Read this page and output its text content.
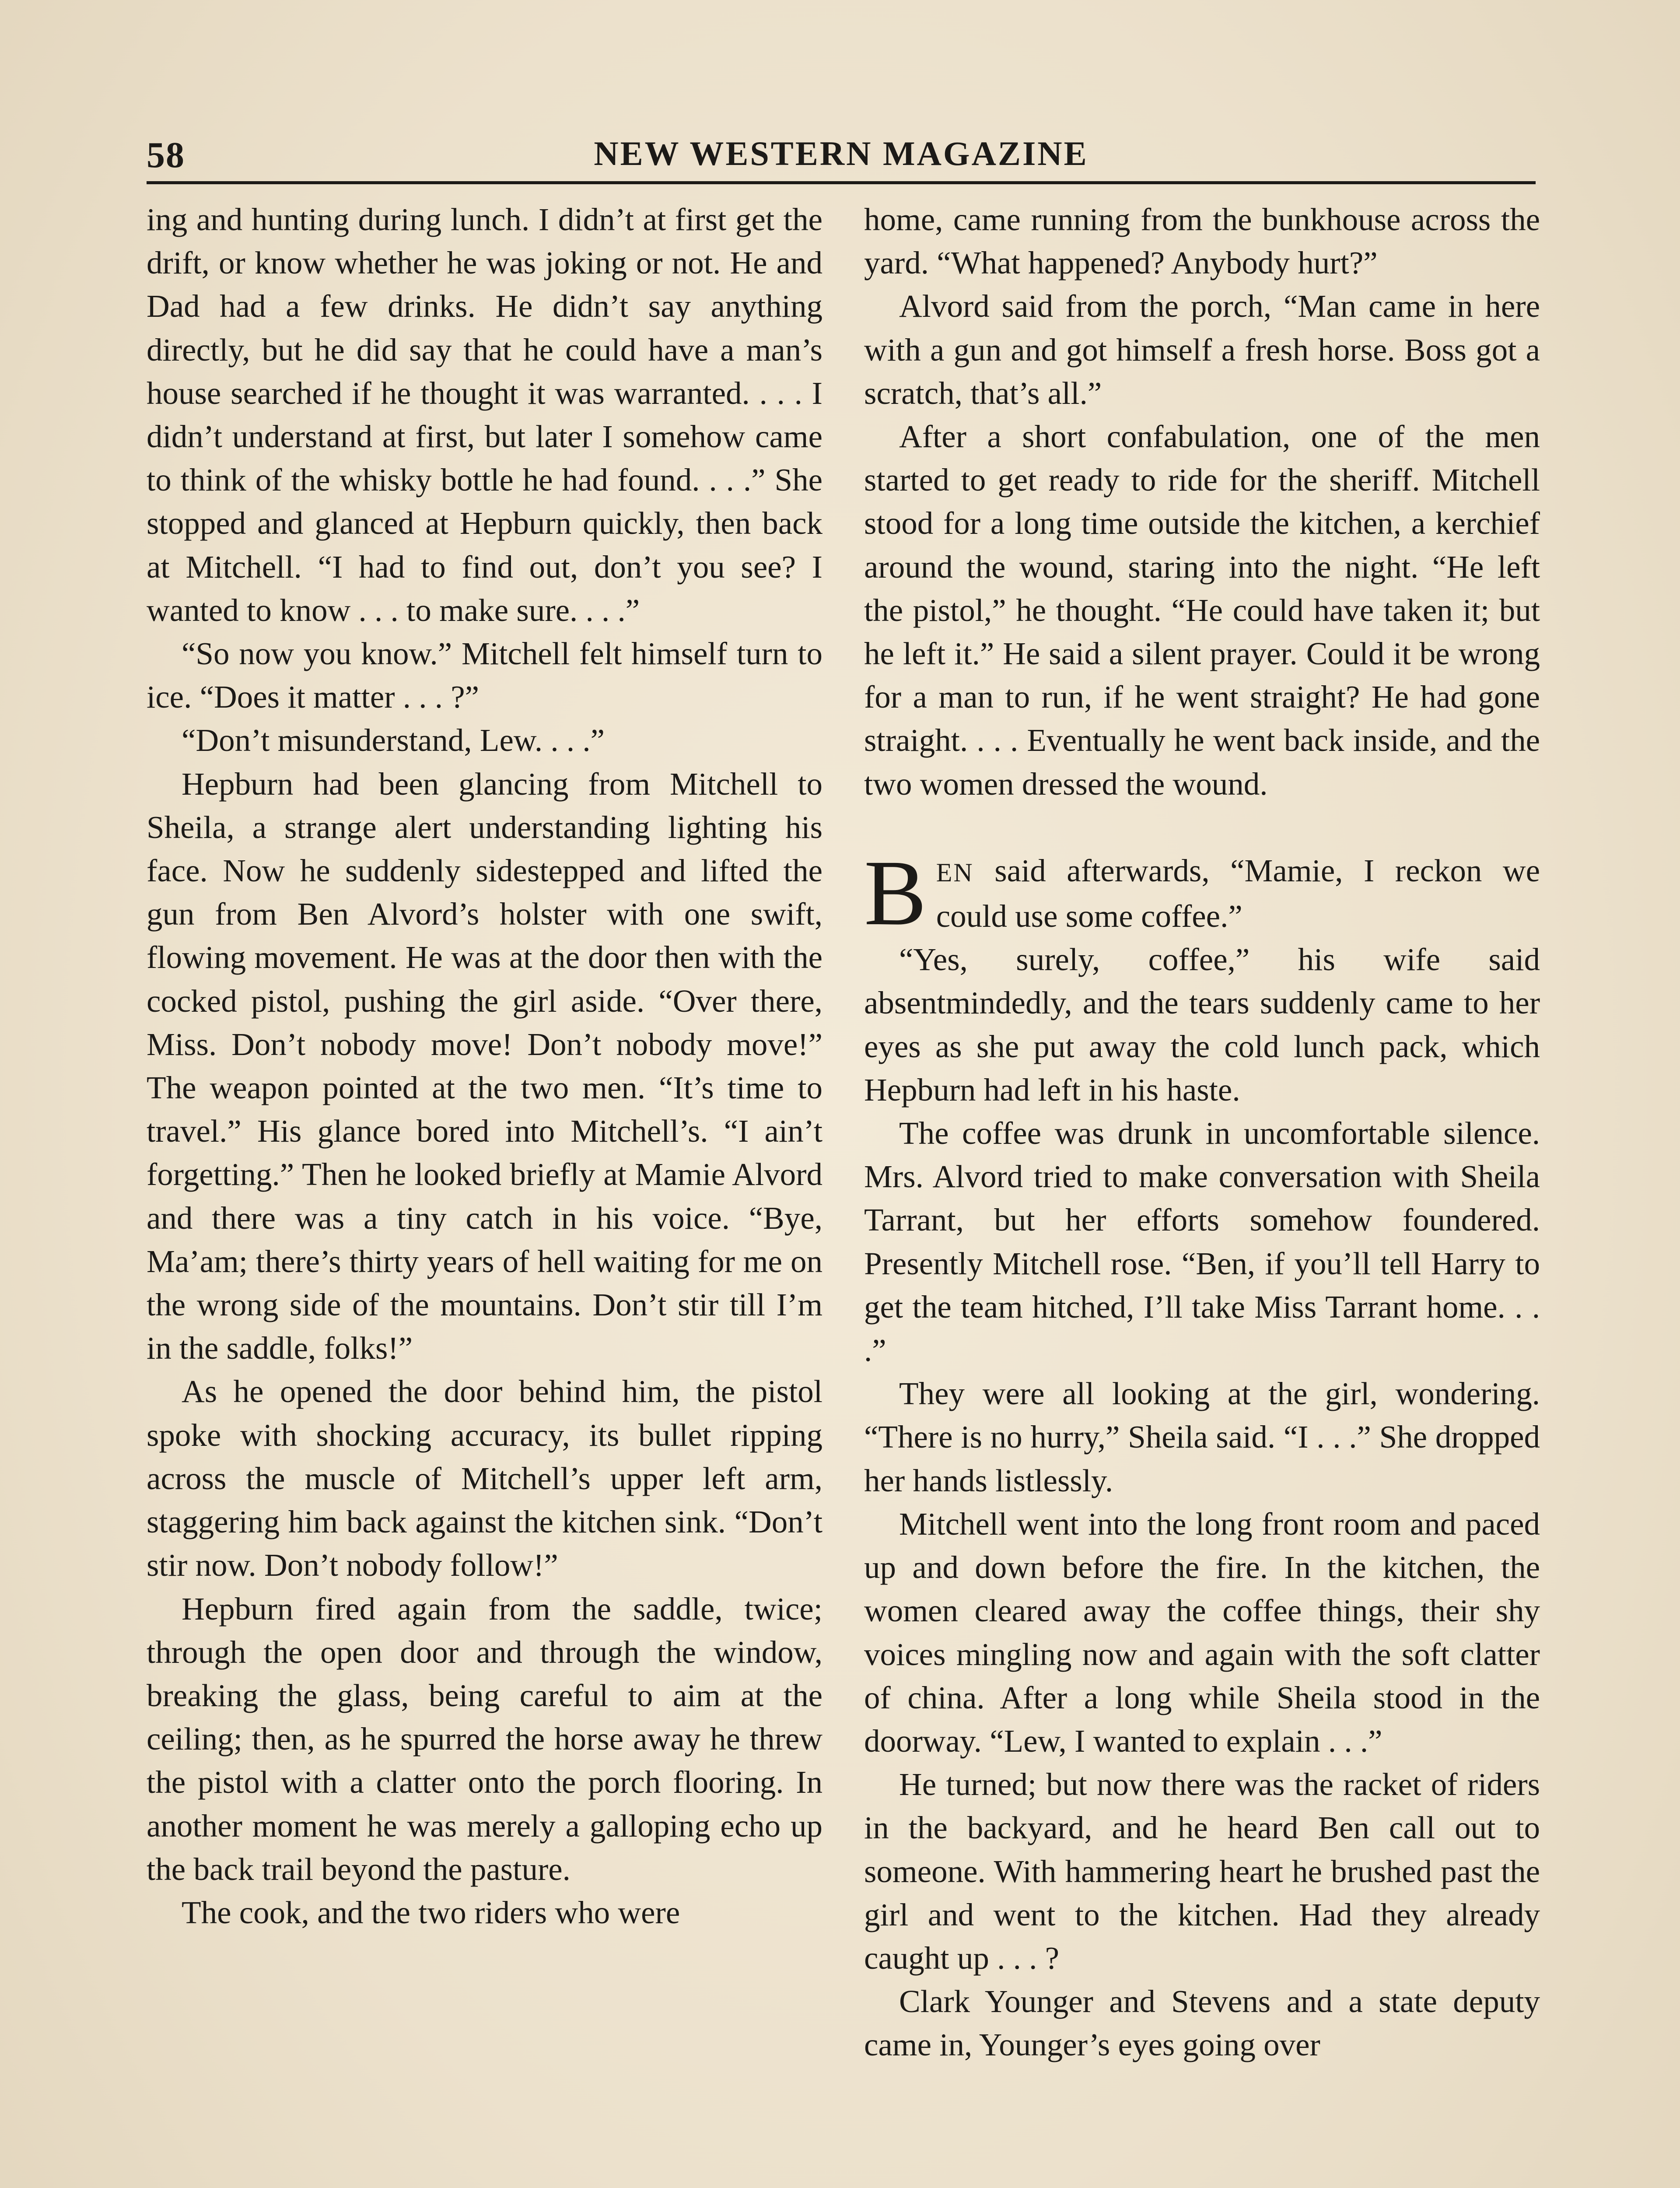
58	NEW WESTERN MAGAZINE

ing and hunting during lunch. I didn’t at first get the drift, or know whether he was joking or not. He and Dad had a few drinks. He didn’t say anything directly, but he did say that he could have a man’s house searched if he thought it was warranted. . . . I didn’t understand at first, but later I somehow came to think of the whisky bottle he had found. . . .” She stopped and glanced at Hepburn quickly, then back at Mitchell. “I had to find out, don’t you see? I wanted to know . . . to make sure. . . .”

“So now you know.” Mitchell felt himself turn to ice. “Does it matter . . . ?”

“Don’t misunderstand, Lew. . . .”

Hepburn had been glancing from Mitchell to Sheila, a strange alert understanding lighting his face. Now he suddenly sidestepped and lifted the gun from Ben Alvord’s holster with one swift, flowing movement. He was at the door then with the cocked pistol, pushing the girl aside. “Over there, Miss. Don’t nobody move! Don’t nobody move!” The weapon pointed at the two men. “It’s time to travel.” His glance bored into Mitchell’s. “I ain’t forgetting.” Then he looked briefly at Mamie Alvord and there was a tiny catch in his voice. “Bye, Ma’am; there’s thirty years of hell waiting for me on the wrong side of the mountains. Don’t stir till I’m in the saddle, folks!”

As he opened the door behind him, the pistol spoke with shocking accuracy, its bullet ripping across the muscle of Mitchell’s upper left arm, staggering him back against the kitchen sink. “Don’t stir now. Don’t nobody follow!”

Hepburn fired again from the saddle, twice; through the open door and through the window, breaking the glass, being careful to aim at the ceiling; then, as he spurred the horse away he threw the pistol with a clatter onto the porch flooring. In another moment he was merely a galloping echo up the back trail beyond the pasture.

The cook, and the two riders who were

home, came running from the bunkhouse across the yard. “What happened? Anybody hurt?”

Alvord said from the porch, “Man came in here with a gun and got himself a fresh horse. Boss got a scratch, that’s all.”

After a short confabulation, one of the men started to get ready to ride for the sheriff. Mitchell stood for a long time outside the kitchen, a kerchief around the wound, staring into the night. “He left the pistol,” he thought. “He could have taken it; but he left it.” He said a silent prayer. Could it be wrong for a man to run, if he went straight? He had gone straight. . . . Eventually he went back inside, and the two women dressed the wound.

BEN said afterwards, “Mamie, I reckon we could use some coffee.”

“Yes, surely, coffee,” his wife said absentmindedly, and the tears suddenly came to her eyes as she put away the cold lunch pack, which Hepburn had left in his haste.

The coffee was drunk in uncomfortable silence. Mrs. Alvord tried to make conversation with Sheila Tarrant, but her efforts somehow foundered. Presently Mitchell rose. “Ben, if you’ll tell Harry to get the team hitched, I’ll take Miss Tarrant home. . . .”

They were all looking at the girl, wondering. “There is no hurry,” Sheila said. “I . . .” She dropped her hands listlessly.

Mitchell went into the long front room and paced up and down before the fire. In the kitchen, the women cleared away the coffee things, their shy voices mingling now and again with the soft clatter of china. After a long while Sheila stood in the doorway. “Lew, I wanted to explain . . .”

He turned; but now there was the racket of riders in the backyard, and he heard Ben call out to someone. With hammering heart he brushed past the girl and went to the kitchen. Had they already caught up . . . ?

Clark Younger and Stevens and a state deputy came in, Younger’s eyes going over
